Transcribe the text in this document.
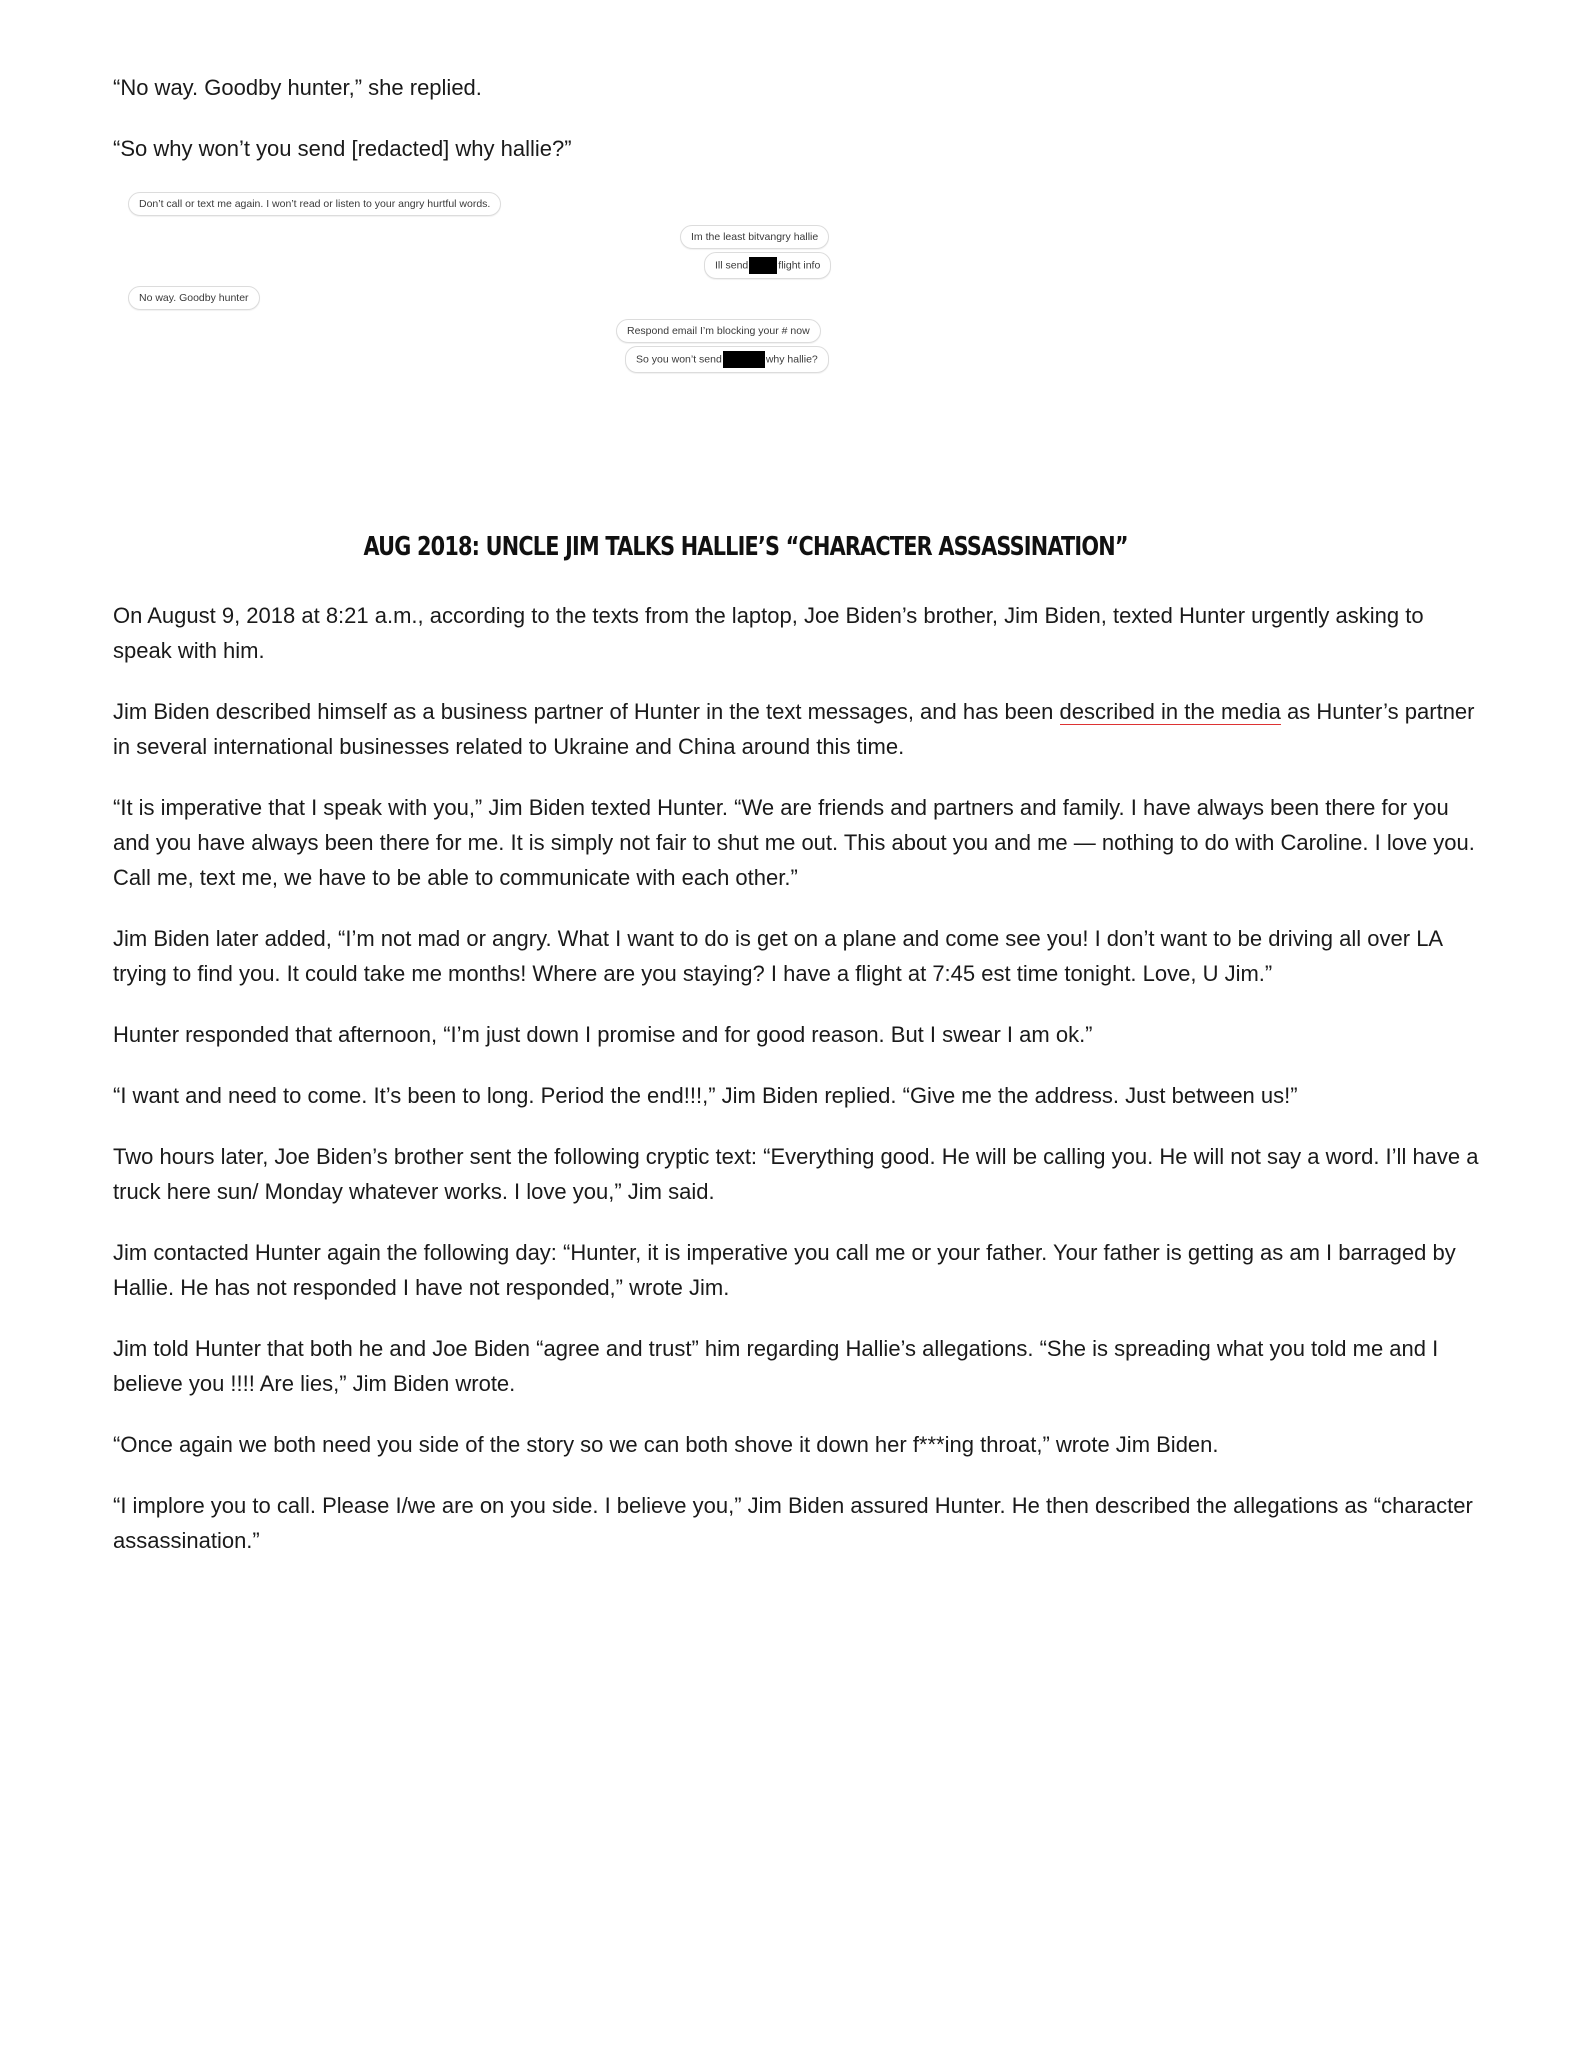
“No way. Goodby hunter,” she replied.

“So why won’t you send [redacted] why hallie?”

Don’t call or text me again. I won’t read or listen to your angry hurtful words.
Im the least bitvangry hallie
Ill send	flight info
No way. Goodby hunter
Respond email I’m blocking your # now
So you won’t send	why hallie?
AUG 2018: UNCLE JIM TALKS HALLIE’S “CHARACTER ASSASSINATION”

On August 9, 2018 at 8:21 a.m., according to the texts from the laptop, Joe Biden’s brother, Jim Biden, texted Hunter urgently asking to speak with him.

Jim Biden described himself as a business partner of Hunter in the text messages, and has been described in the media as Hunter’s partner in several international businesses related to Ukraine and China around this time.

“It is imperative that I speak with you,” Jim Biden texted Hunter. “We are friends and partners and family. I have always been there for you and you have always been there for me. It is simply not fair to shut me out. This about you and me — nothing to do with Caroline. I love you. Call me, text me, we have to be able to communicate with each other.”

Jim Biden later added, “I’m not mad or angry. What I want to do is get on a plane and come see you! I don’t want to be driving all over LA trying to find you. It could take me months! Where are you staying? I have a flight at 7:45 est time tonight. Love, U Jim.”

Hunter responded that afternoon, “I’m just down I promise and for good reason. But I swear I am ok.”

“I want and need to come. It’s been to long. Period the end!!!,” Jim Biden replied. “Give me the address. Just between us!”

Two hours later, Joe Biden’s brother sent the following cryptic text: “Everything good. He will be calling you. He will not say a word. I’ll have a truck here sun/ Monday whatever works. I love you,” Jim said.

Jim contacted Hunter again the following day: “Hunter, it is imperative you call me or your father. Your father is getting as am I barraged by Hallie. He has not responded I have not responded,” wrote Jim.

Jim told Hunter that both he and Joe Biden “agree and trust” him regarding Hallie’s allegations. “She is spreading what you told me and I believe you !!!! Are lies,” Jim Biden wrote.

“Once again we both need you side of the story so we can both shove it down her f***ing throat,” wrote Jim Biden.

“I implore you to call. Please I/we are on you side. I believe you,” Jim Biden assured Hunter. He then described the allegations as “character assassination.”
